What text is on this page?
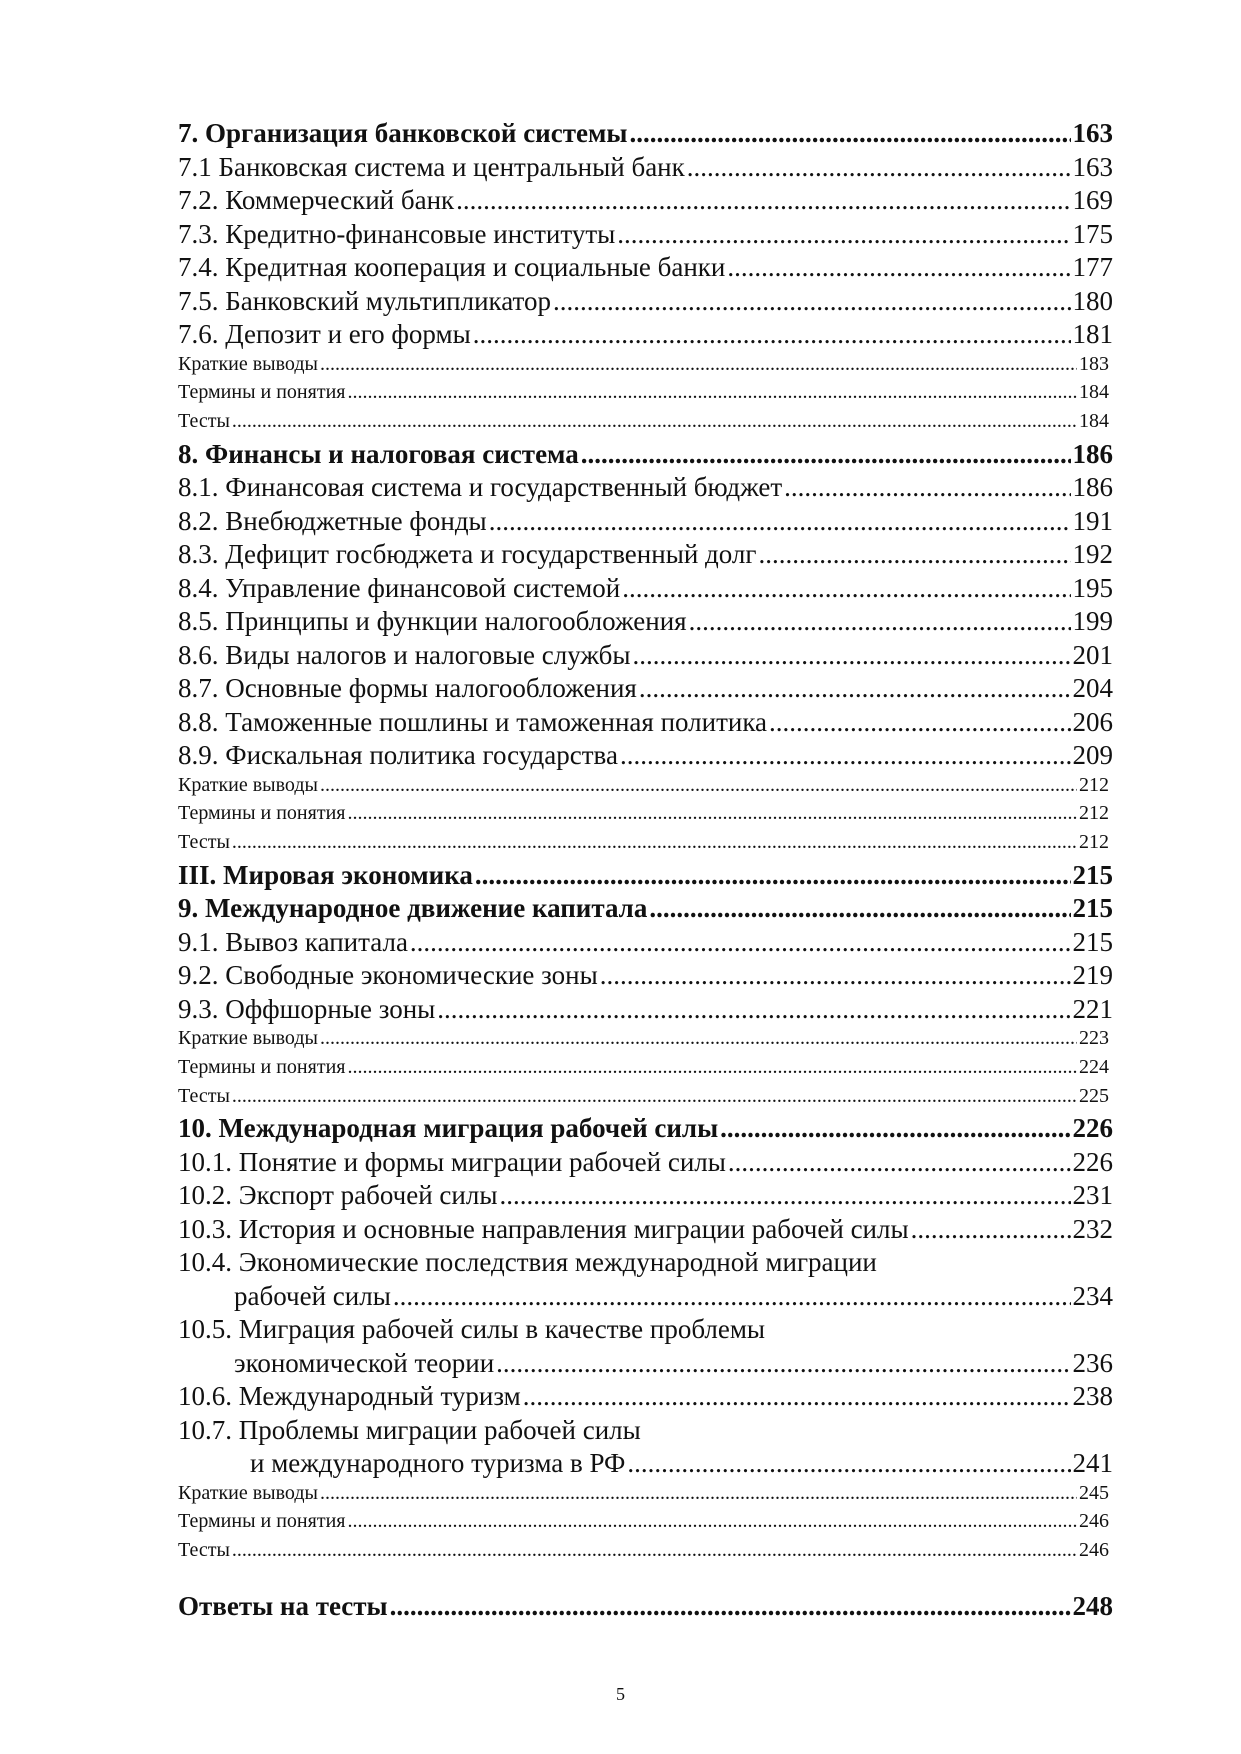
7. Организация банковской системы .....	163
7.1 Банковская система и центральный банк .....	163
7.2. Коммерческий банк .....	169
7.3. Кредитно-финансовые институты .....	175
7.4. Кредитная кооперация и социальные банки .....	177
7.5. Банковский мультипликатор .....	180
7.6. Депозит и его формы .....	181
Краткие выводы .....	183
Термины и понятия .....	184
Тесты .....	184
8. Финансы и налоговая система .....	186
8.1. Финансовая система и государственный бюджет .....	186
8.2. Внебюджетные фонды .....	191
8.3. Дефицит госбюджета и государственный долг .....	192
8.4. Управление финансовой системой .....	195
8.5. Принципы и функции налогообложения .....	199
8.6. Виды налогов и налоговые службы .....	201
8.7. Основные формы налогообложения .....	204
8.8. Таможенные пошлины и таможенная политика .....	206
8.9. Фискальная политика государства .....	209
Краткие выводы .....	212
Термины и понятия .....	212
Тесты .....	212
III. Мировая экономика .....	215
9. Международное движение капитала .....	215
9.1. Вывоз капитала .....	215
9.2. Свободные экономические зоны .....	219
9.3. Оффшорные зоны .....	221
Краткие выводы .....	223
Термины и понятия .....	224
Тесты .....	225
10. Международная миграция рабочей силы .....	226
10.1. Понятие и формы миграции рабочей силы .....	226
10.2. Экспорт рабочей силы .....	231
10.3. История и основные направления миграции рабочей силы .....	232
10.4. Экономические последствия международной миграции
рабочей силы .....	234
10.5. Миграция рабочей силы в качестве проблемы
экономической теории .....	236
10.6. Международный туризм .....	238
10.7. Проблемы миграции рабочей силы
и международного туризма в РФ .....	241
Краткие выводы .....	245
Термины и понятия .....	246
Тесты .....	246
Ответы на тесты .....	248
5
